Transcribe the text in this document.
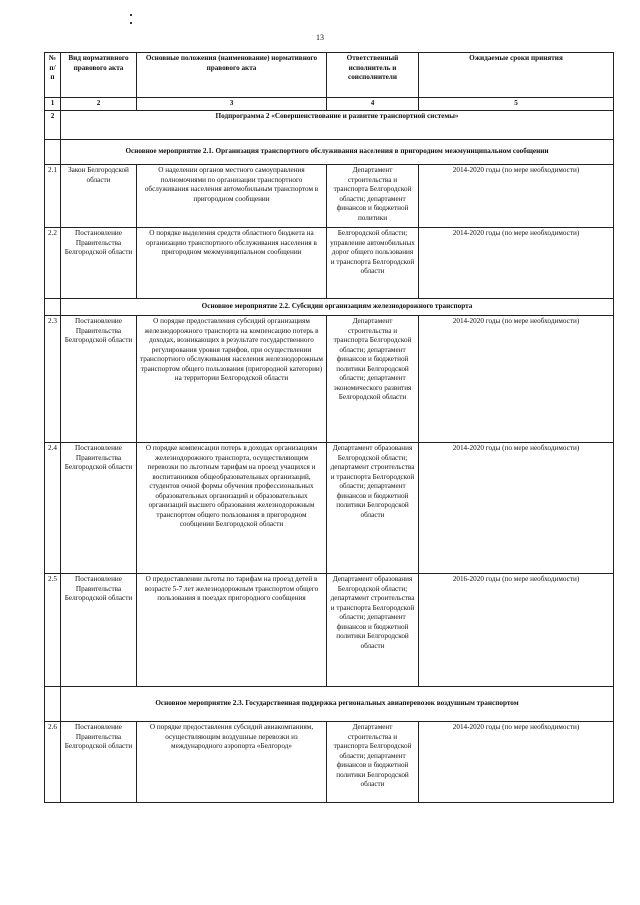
13
№ п/п	Вид нормативного правового акта	Основные положения (наименование) нормативного правового акта	Ответственный исполнитель и соисполнители	Ожидаемые сроки принятия
1	2	3	4	5
2	Подпрограмма 2 «Совершенствование и развитие транспортной системы»			
	Основное мероприятие 2.1. Организация транспортного обслуживания населения в пригородном межмуниципальном сообщении			
2.1	Закон Белгородской области	О наделении органов местного самоуправления полномочиями по организации транспортного обслуживания населения автомобильным транспортом в пригородном сообщении	Департамент строительства и транспорта Белгородской области; департамент финансов и бюджетной политики	2014-2020 годы (по мере необходимости)
2.2	Постановление Правительства Белгородской области	О порядке выделения средств областного бюджета на организацию транспортного обслуживания населения в пригородном межмуниципальном сообщении	Белгородской области; управление автомобильных дорог общего пользования и транспорта Белгородской области	2014-2020 годы (по мере необходимости)
	Основное мероприятие 2.2. Субсидии организациям железнодорожного транспорта			
2.3	Постановление Правительства Белгородской области	О порядке предоставления субсидий организациям железнодорожного транспорта на компенсацию потерь в доходах, возникающих в результате государственного регулирования уровня тарифов, при осуществлении транспортного обслуживания населения железнодорожным транспортом общего пользования (пригородной категории) на территории Белгородской области	Департамент строительства и транспорта Белгородской области; департамент финансов и бюджетной политики Белгородской области; департамент экономического развития Белгородской области	2014-2020 годы (по мере необходимости)
2.4	Постановление Правительства Белгородской области	О порядке компенсации потерь в доходах организациям железнодорожного транспорта, осуществляющим перевозки по льготным тарифам на проезд учащихся и воспитанников общеобразовательных организаций, студентов очной формы обучения профессиональных образовательных организаций и образовательных организаций высшего образования железнодорожным транспортом общего пользования в пригородном сообщении Белгородской области	Департамент образования Белгородской области; департамент строительства и транспорта Белгородской области; департамент финансов и бюджетной политики Белгородской области	2014-2020 годы (по мере необходимости)
2.5	Постановление Правительства Белгородской области	О предоставлении льготы по тарифам на проезд детей в возрасте 5-7 лет железнодорожным транспортом общего пользования в поездах пригородного сообщения	Департамент образования Белгородской области; департамент строительства и транспорта Белгородской области; департамент финансов и бюджетной политики Белгородской области	2016-2020 годы (по мере необходимости)
	Основное мероприятие 2.3. Государственная поддержка региональных авиаперевозок воздушным транспортом			
2.6	Постановление Правительства Белгородской области	О порядке предоставления субсидий авиакомпаниям, осуществляющим воздушные перевозки из международного аэропорта «Белгород»	Департамент строительства и транспорта Белгородской области; департамент финансов и бюджетной политики Белгородской области	2014-2020 годы (по мере необходимости)
